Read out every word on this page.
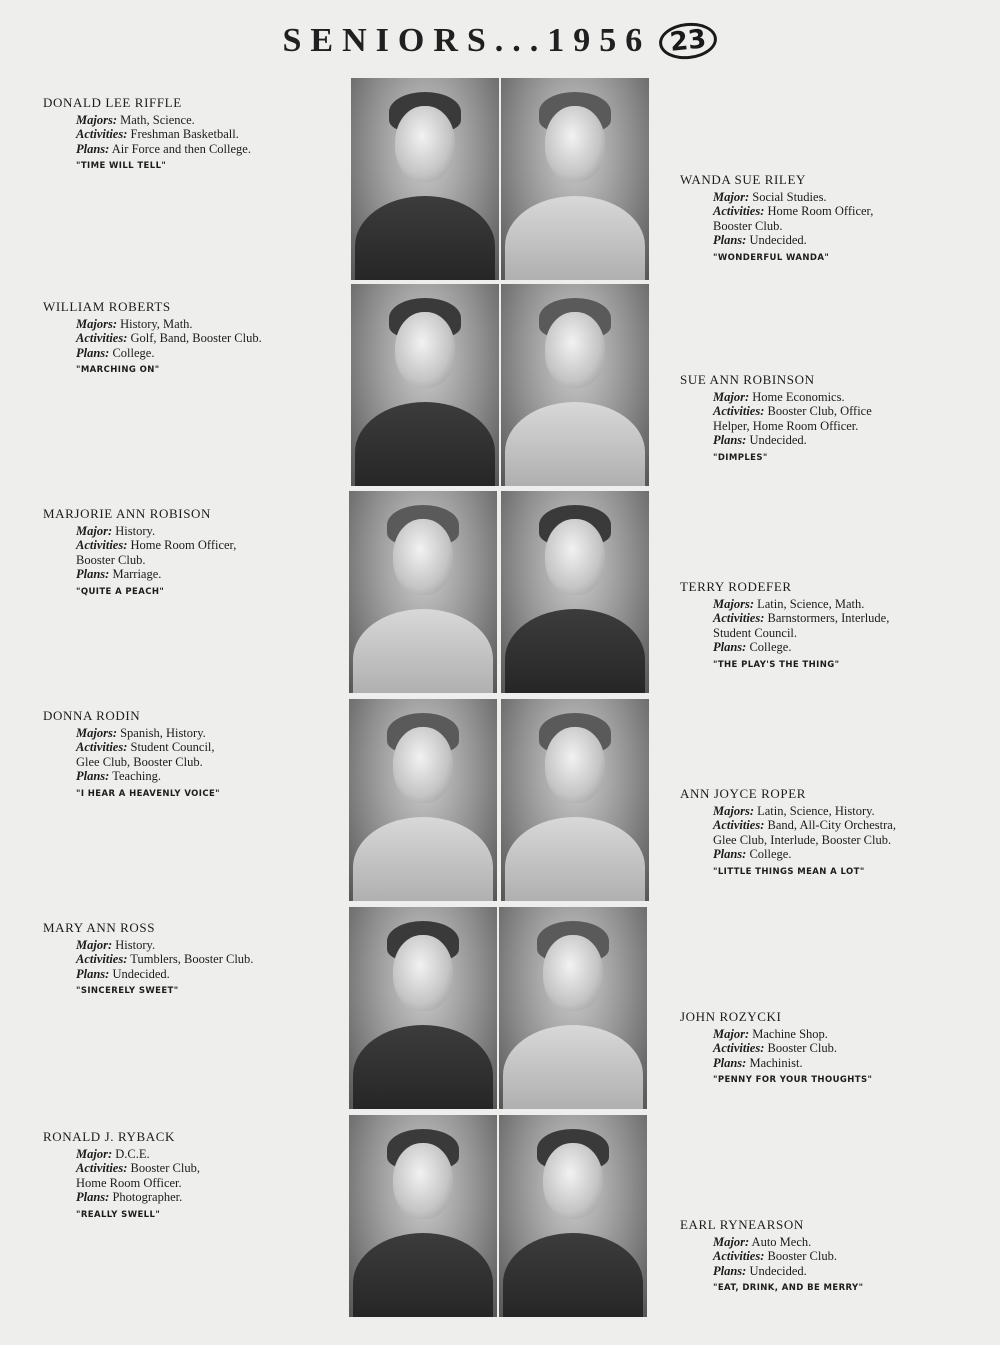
SENIORS...1956 23
DONALD LEE RIFFLE
Majors: Math, Science.
Activities: Freshman Basketball.
Plans: Air Force and then College.
"TIME WILL TELL"
WANDA SUE RILEY
Major: Social Studies.
Activities: Home Room Officer,
Booster Club.
Plans: Undecided.
"WONDERFUL WANDA"
WILLIAM ROBERTS
Majors: History, Math.
Activities: Golf, Band, Booster Club.
Plans: College.
"MARCHING ON"
SUE ANN ROBINSON
Major: Home Economics.
Activities: Booster Club, Office
Helper, Home Room Officer.
Plans: Undecided.
"DIMPLES"
MARJORIE ANN ROBISON
Major: History.
Activities: Home Room Officer,
Booster Club.
Plans: Marriage.
"QUITE A PEACH"	TERRY RODEFER
Majors: Latin, Science, Math.
Activities: Barnstormers, Interlude,
Student Council.
Plans: College.
"THE PLAY'S THE THING"
DONNA RODIN
Majors: Spanish, History.
Activities: Student Council,
Glee Club, Booster Club.
Plans: Teaching.
"I HEAR A HEAVENLY VOICE"	ANN JOYCE ROPER
Majors: Latin, Science, History.
Activities: Band, All-City Orchestra,
Glee Club, Interlude, Booster Club.
Plans: College.
"LITTLE THINGS MEAN A LOT"
MARY ANN ROSS
Major: History.
Activities: Tumblers, Booster Club.
Plans: Undecided.
"SINCERELY SWEET"
JOHN ROZYCKI
Major: Machine Shop.
Activities: Booster Club.
Plans: Machinist.
"PENNY FOR YOUR THOUGHTS"
RONALD J. RYBACK
Major: D.C.E.
Activities: Booster Club,
Home Room Officer.
Plans: Photographer.
"REALLY SWELL"
EARL RYNEARSON
Major: Auto Mech.
Activities: Booster Club.
Plans: Undecided.
"EAT, DRINK, AND BE MERRY"
